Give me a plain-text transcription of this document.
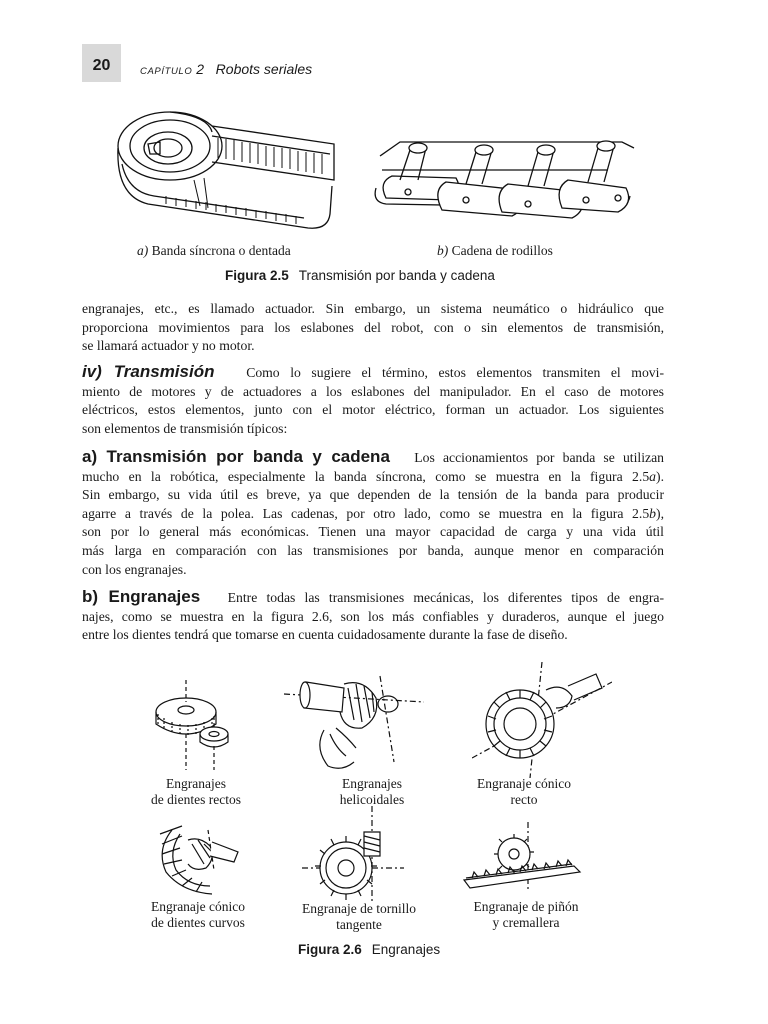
20	CAPÍTULO 2 Robots seriales
a) Banda síncrona o dentada	b) Cadena de rodillos
Figura 2.5 Transmisión por banda y cadena
engranajes, etc., es llamado actuador. Sin embargo, un sistema neumático o hidráulico que
proporciona movimientos para los eslabones del robot, con o sin elementos de transmisión,
se llamará actuador y no motor.
iv) Transmisión Como lo sugiere el término, estos elementos transmiten el movi-
miento de motores y de actuadores a los eslabones del manipulador. En el caso de motores
eléctricos, estos elementos, junto con el motor eléctrico, forman un actuador. Los siguientes
son elementos de transmisión típicos:
a) Transmisión por banda y cadena Los accionamientos por banda se utilizan
mucho en la robótica, especialmente la banda síncrona, como se muestra en la figura 2.5a).
Sin embargo, su vida útil es breve, ya que dependen de la tensión de la banda para producir
agarre a través de la polea. Las cadenas, por otro lado, como se muestra en la figura 2.5b),
son por lo general más económicas. Tienen una mayor capacidad de carga y una vida útil
más larga en comparación con las transmisiones por banda, aunque menor en comparación
con los engranajes.
b) Engranajes Entre todas las transmisiones mecánicas, los diferentes tipos de engra-
najes, como se muestra en la figura 2.6, son los más confiables y duraderos, aunque el juego
entre los dientes tendrá que tomarse en cuenta cuidadosamente durante la fase de diseño.
Engranajes
de dientes rectos
Engranajes
helicoidales
Engranaje cónico
recto
Engranaje cónico
de dientes curvos
Engranaje de tornillo
tangente
Engranaje de piñón
y cremallera
Figura 2.6 Engranajes
